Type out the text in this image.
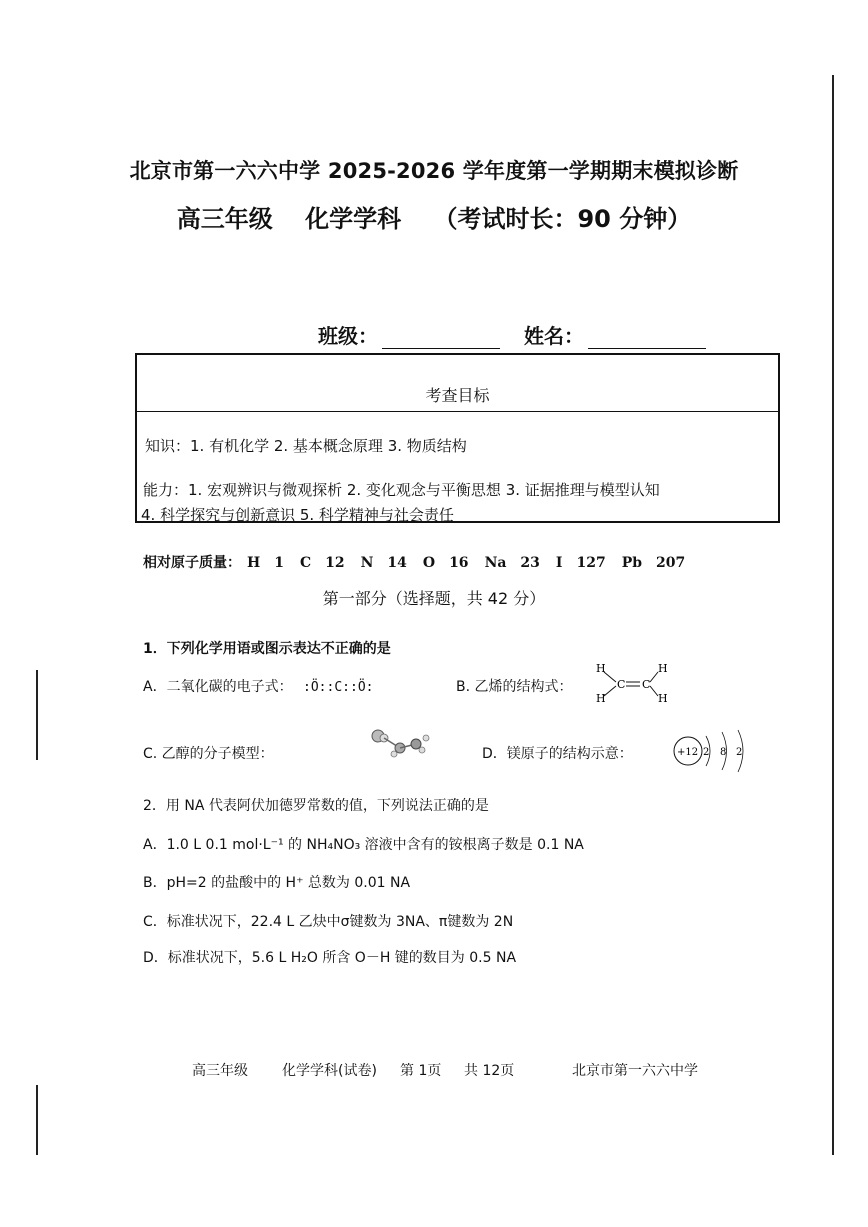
北京市第一六六中学 2025-2026 学年度第一学期期末模拟诊断
高三年级 化学学科 （考试时长：90 分钟）
班级：	姓名：
考查目标
知识：1. 有机化学 2. 基本概念原理 3. 物质结构
能力：1. 宏观辨识与微观探析 2. 变化观念与平衡思想 3. 证据推理与模型认知
4. 科学探究与创新意识 5. 科学精神与社会责任
相对原子质量： H　1 C　12 N　14 O　16 Na　23 I　127 Pb　207
第一部分（选择题，共 42 分）
1．下列化学用语或图示表达不正确的是
A．二氧化碳的电子式： :Ö::C::Ö:	B. 乙烯的结构式：
H
H
H
H
C C
C. 乙醇的分子模型：	D．镁原子的结构示意：	+12 2 8 2
2．用 NA 代表阿伏加德罗常数的值，下列说法正确的是
A．1.0 L 0.1 mol·L⁻¹ 的 NH₄NO₃ 溶液中含有的铵根离子数是 0.1 NA
B．pH=2 的盐酸中的 H⁺ 总数为 0.01 NA
C．标准状况下，22.4 L 乙炔中σ键数为 3NA、π键数为 2N
D．标准状况下，5.6 L H₂O 所含 O－H 键的数目为 0.5 NA
高三年级 化学学科(试卷) 第 1页 共 12页	北京市第一六六中学
